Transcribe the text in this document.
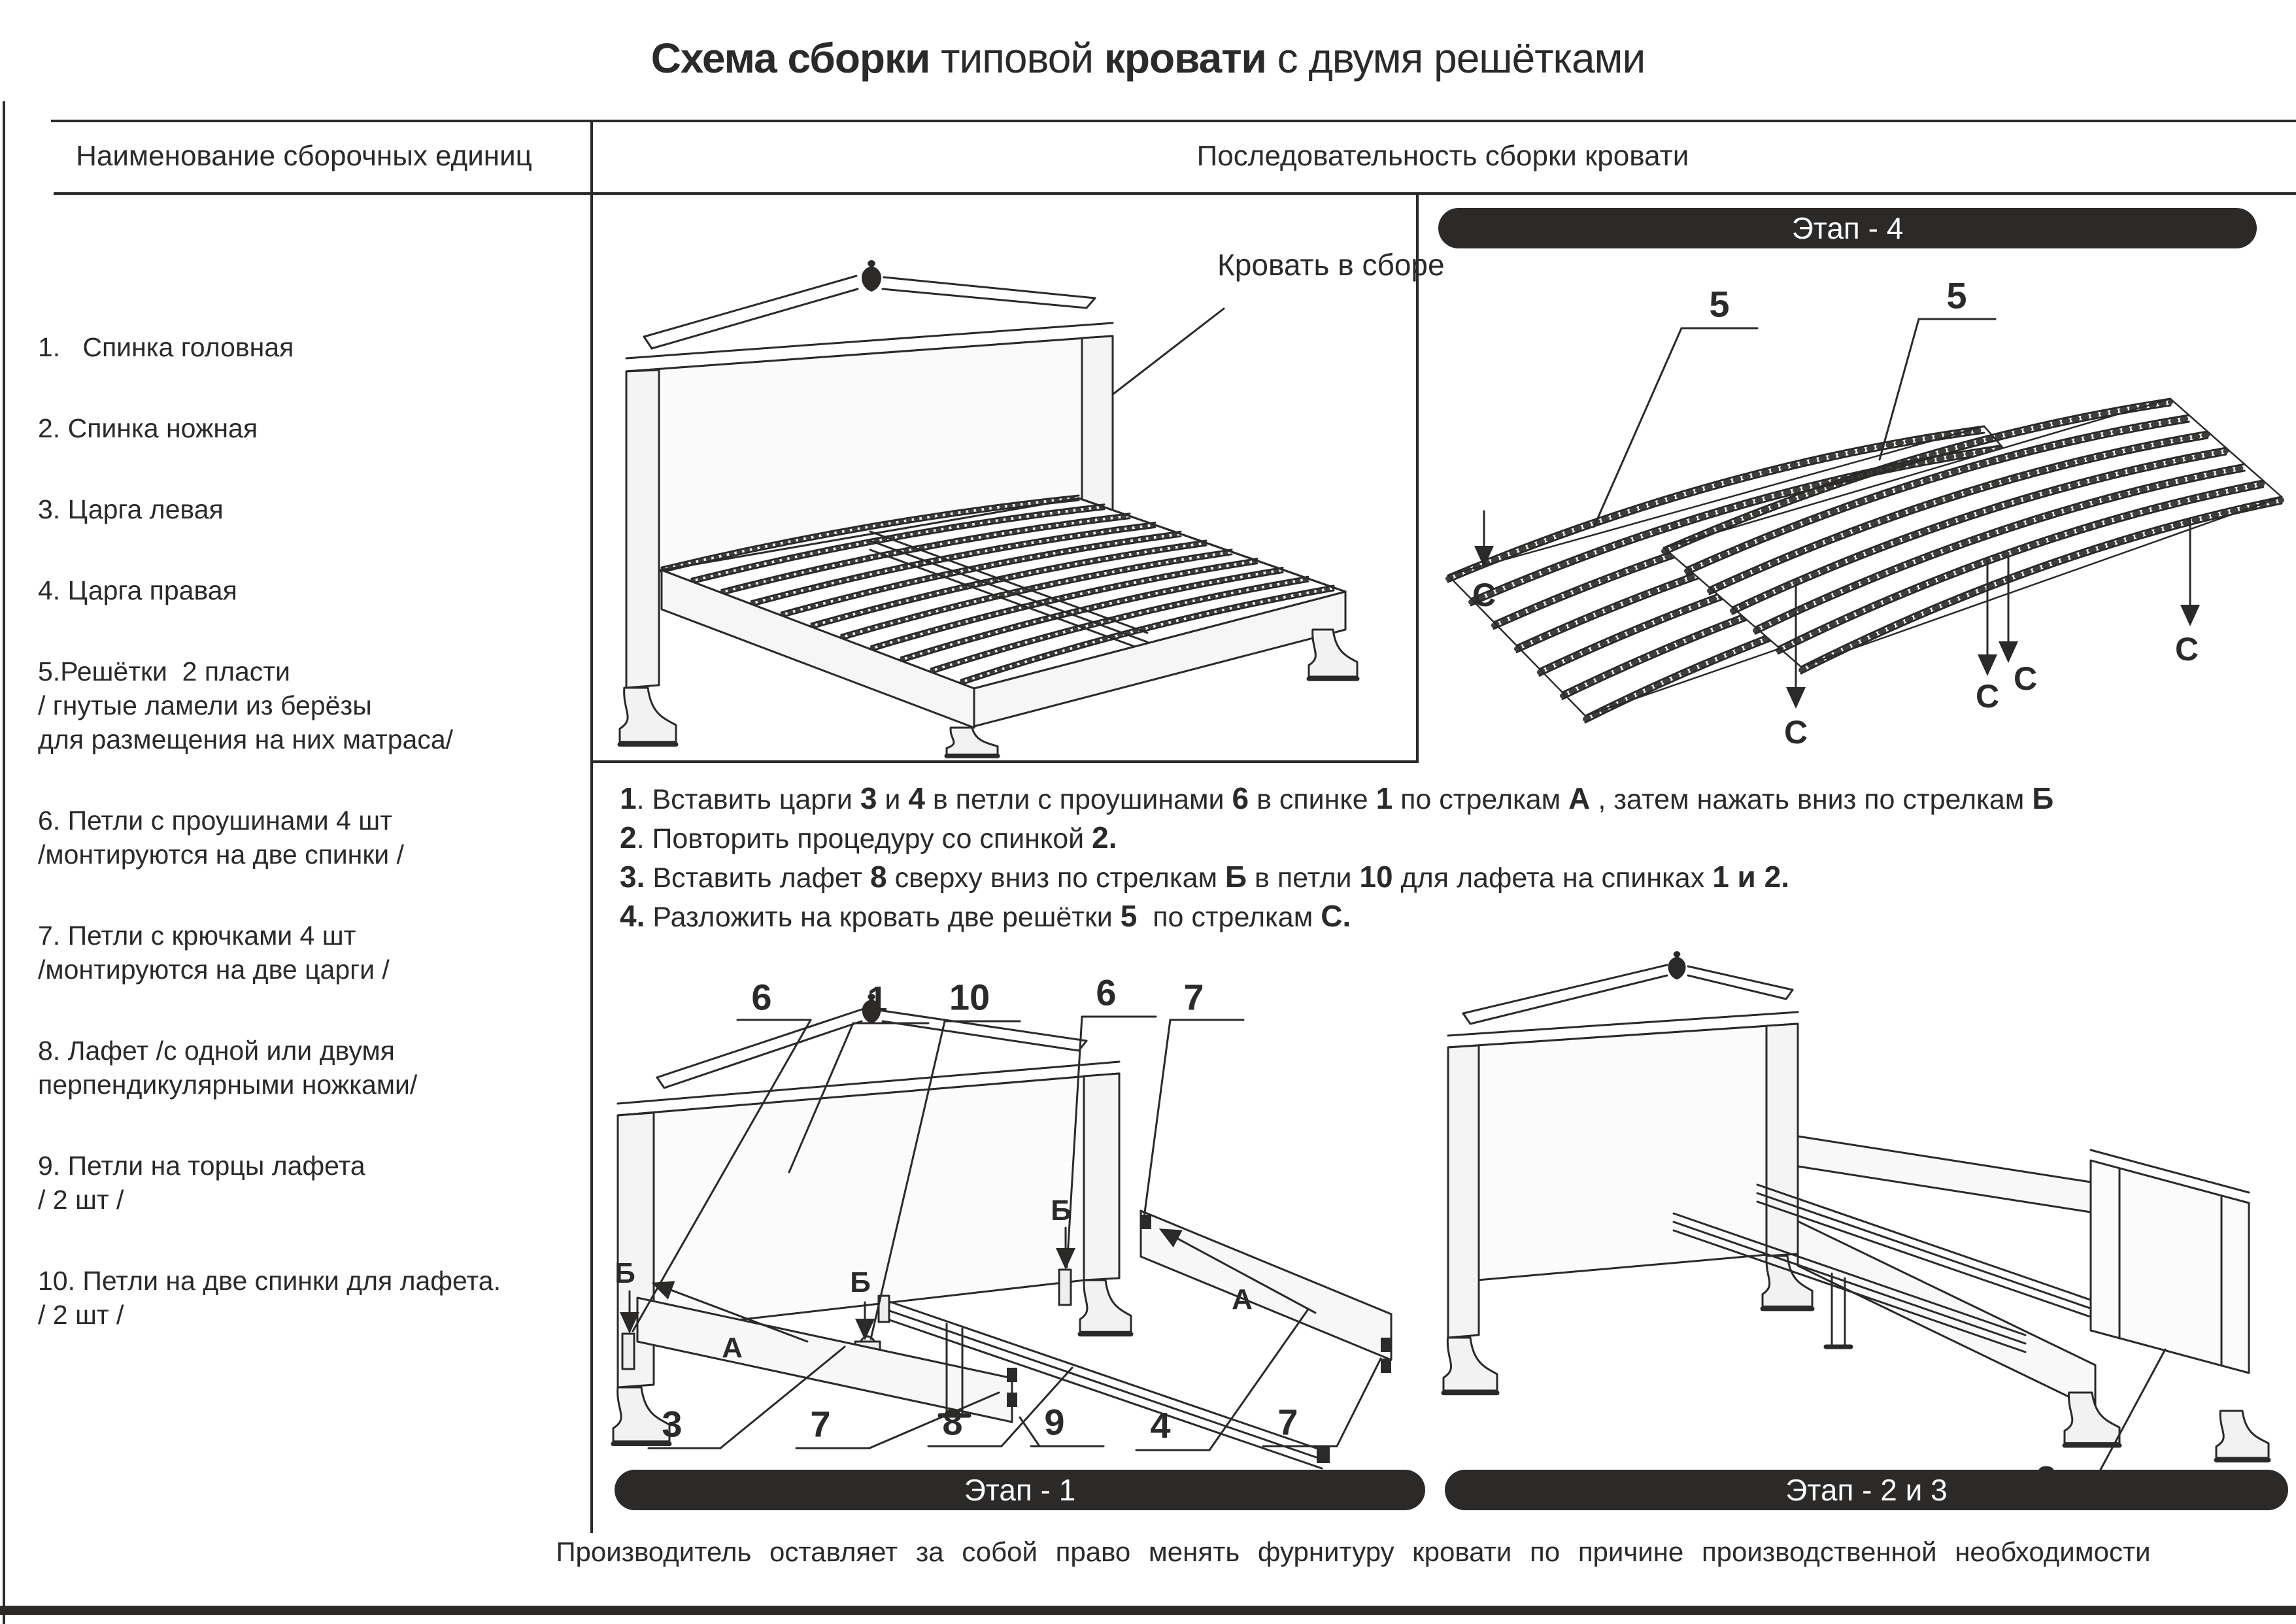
Схема сборки типовой кровати с двумя решётками
Наименование сборочных единиц	Последовательность сборки кровати
1.   Спинка головная
2. Спинка ножная
3. Царга левая
4. Царга правая
5.Решётки  2 пласти
/ гнутые ламели из берёзы
для размещения на них матраса/
6. Петли с проушинами 4 шт
/монтируются на две спинки /
7. Петли с крючками 4 шт
/монтируются на две царги /
8. Лафет /с одной или двумя
перпендикулярными ножками/
9. Петли на торцы лафета
/ 2 шт /
10. Петли на две спинки для лафета.
/ 2 шт /
1. Вставить царги 3 и 4 в петли с проушинами 6 в спинке 1 по стрелкам А , затем нажать вниз по стрелкам Б
2. Повторить процедуру со спинкой 2.
3. Вставить лафет 8 сверху вниз по стрелкам Б в петли 10 для лафета на спинках 1 и 2.
4. Разложить на кровать две решётки 5  по стрелкам С.
Этап - 4
Этап - 1	Этап - 2 и 3
Кровать в сборе
5	5
С
С
С С
С
6	1 10	6 7
3	7	8 9 4	7
Б	Б
Б
А
А
2
Производитель оставляет за собой право менять фурнитуру кровати по причине производственной необходимости
